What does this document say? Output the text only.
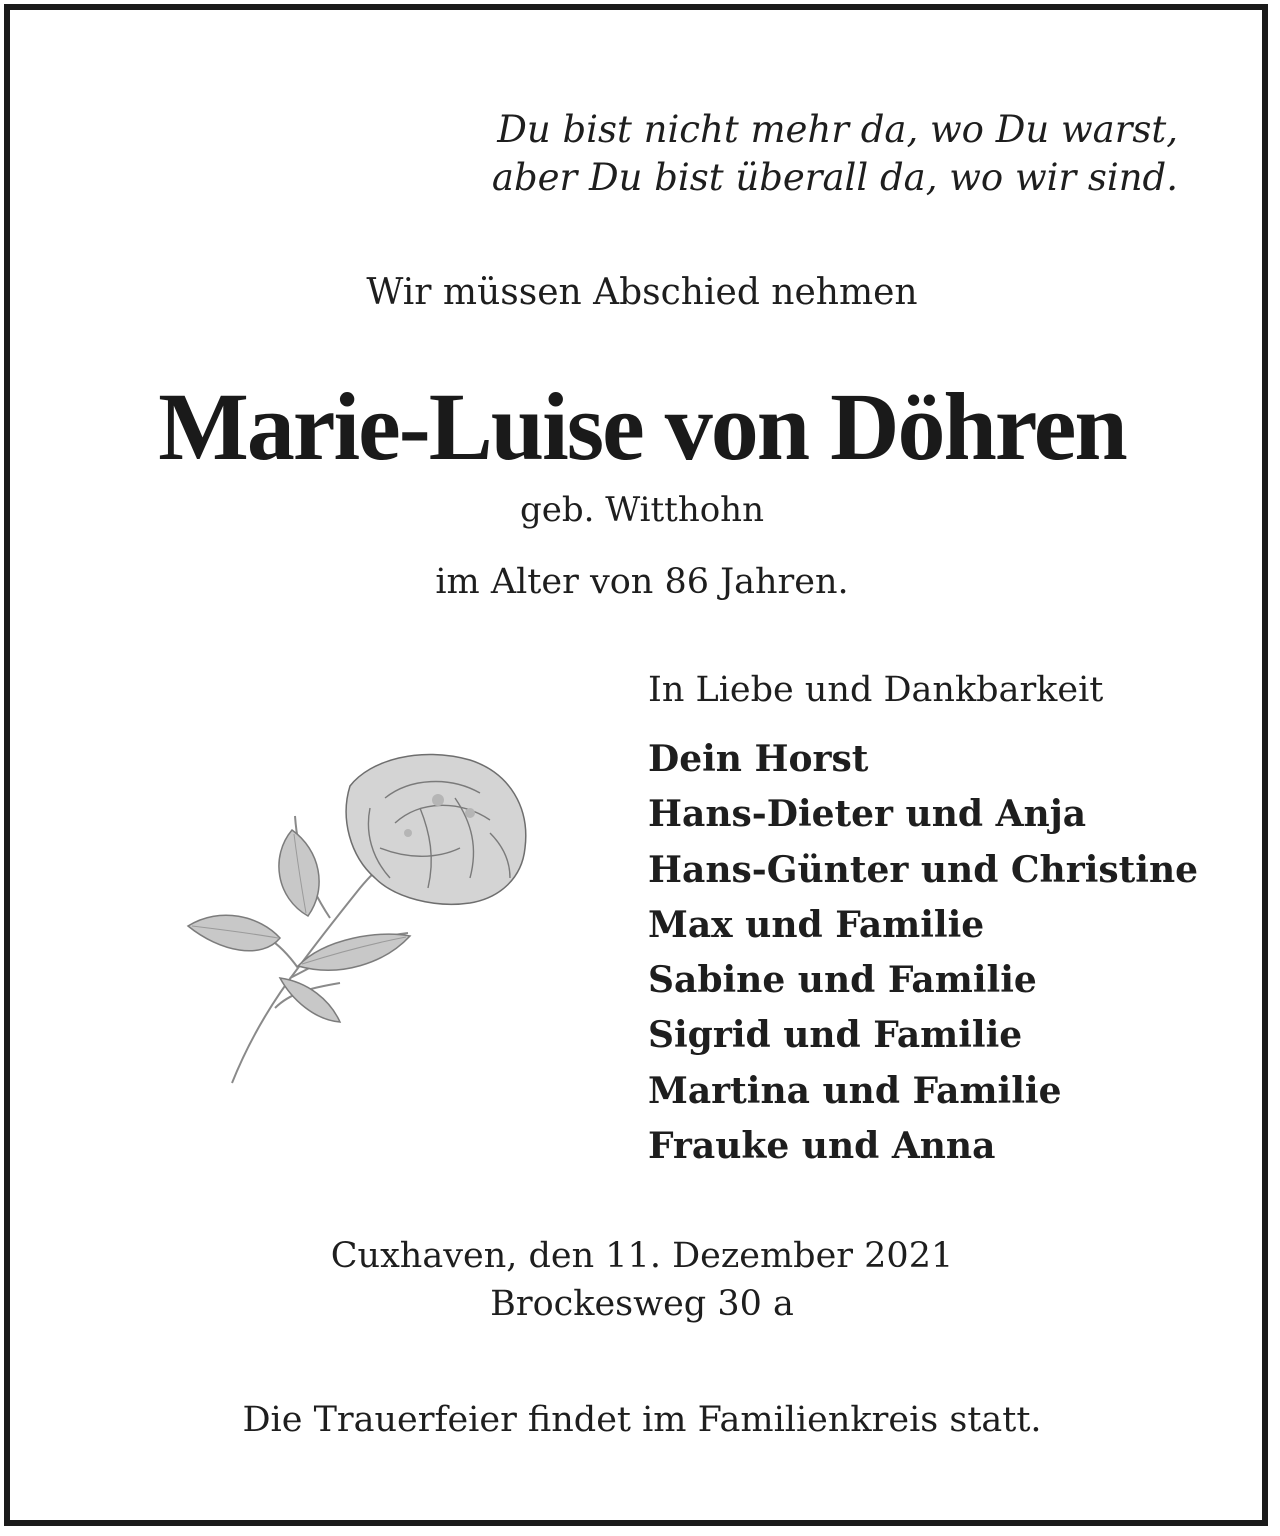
Du bist nicht mehr da, wo Du warst,
aber Du bist überall da, wo wir sind.
Wir müssen Abschied nehmen
Marie-Luise von Döhren
geb. Witthohn
im Alter von 86 Jahren.
In Liebe und Dankbarkeit
Dein Horst
Hans-Dieter und Anja
Hans-Günter und Christine
Max und Familie
Sabine und Familie
Sigrid und Familie
Martina und Familie
Frauke und Anna
Cuxhaven, den 11. Dezember 2021
Brockesweg 30 a
Die Trauerfeier findet im Familienkreis statt.
